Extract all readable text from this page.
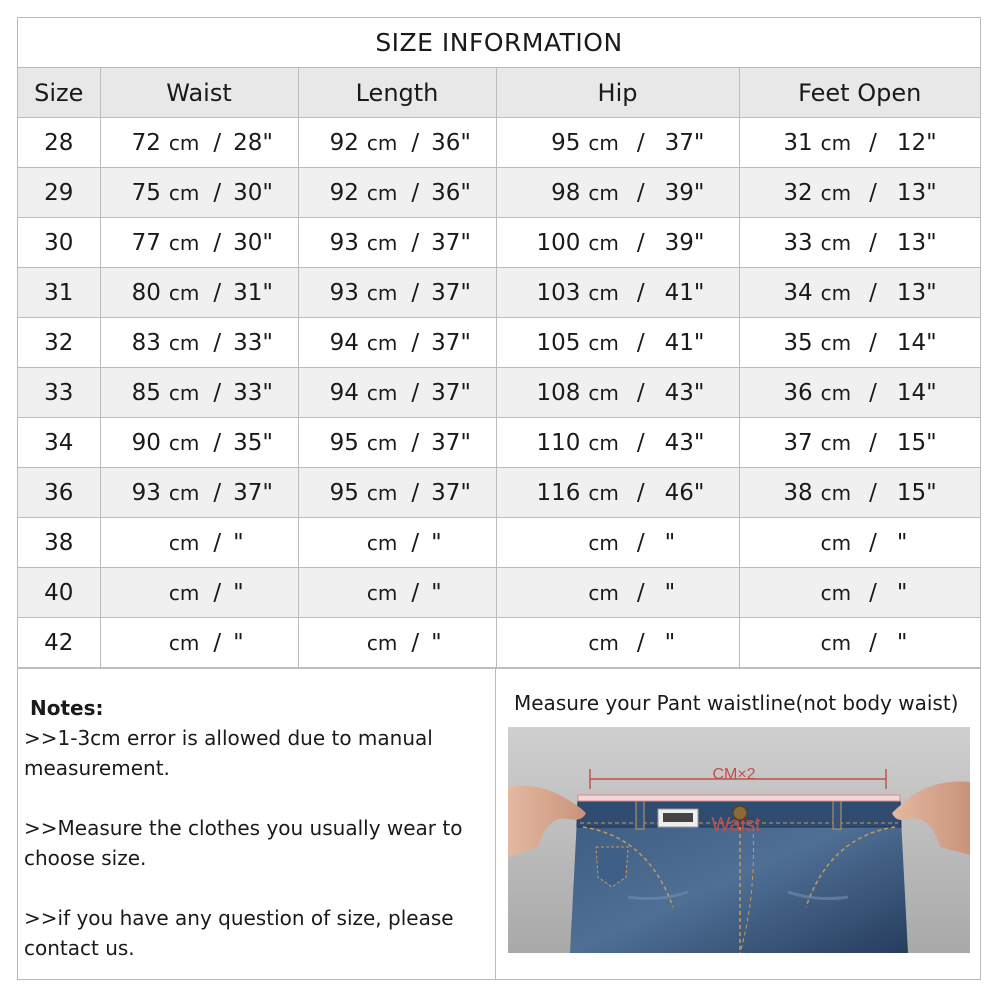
SIZE INFORMATION
Size	Waist	Length	Hip	Feet Open
28	72 cm / 28"	92 cm / 36"	95 cm / 37"	31 cm / 12"

29	75 cm / 30"	92 cm / 36"	98 cm / 39"	32 cm / 13"

30	77 cm / 30"	93 cm / 37"	100 cm / 39"	33 cm / 13"

31	80 cm / 31"	93 cm / 37"	103 cm / 41"	34 cm / 13"

32	83 cm / 33"	94 cm / 37"	105 cm / 41"	35 cm / 14"

33	85 cm / 33"	94 cm / 37"	108 cm / 43"	36 cm / 14"

34	90 cm / 35"	95 cm / 37"	110 cm / 43"	37 cm / 15"

36	93 cm / 37"	95 cm / 37"	116 cm / 46"	38 cm / 15"

38	cm / "	cm / "	cm / "	cm / "

40	cm / "	cm / "	cm / "	cm / "

42	cm / "	cm / "	cm / "	cm / "
Notes:

>>1-3cm error is allowed due to manual measurement.

>>Measure the clothes you usually wear to choose size.

>>if you have any question of size, please contact us.

Measure your Pant waistline(not body waist)
CM×2
Waist
